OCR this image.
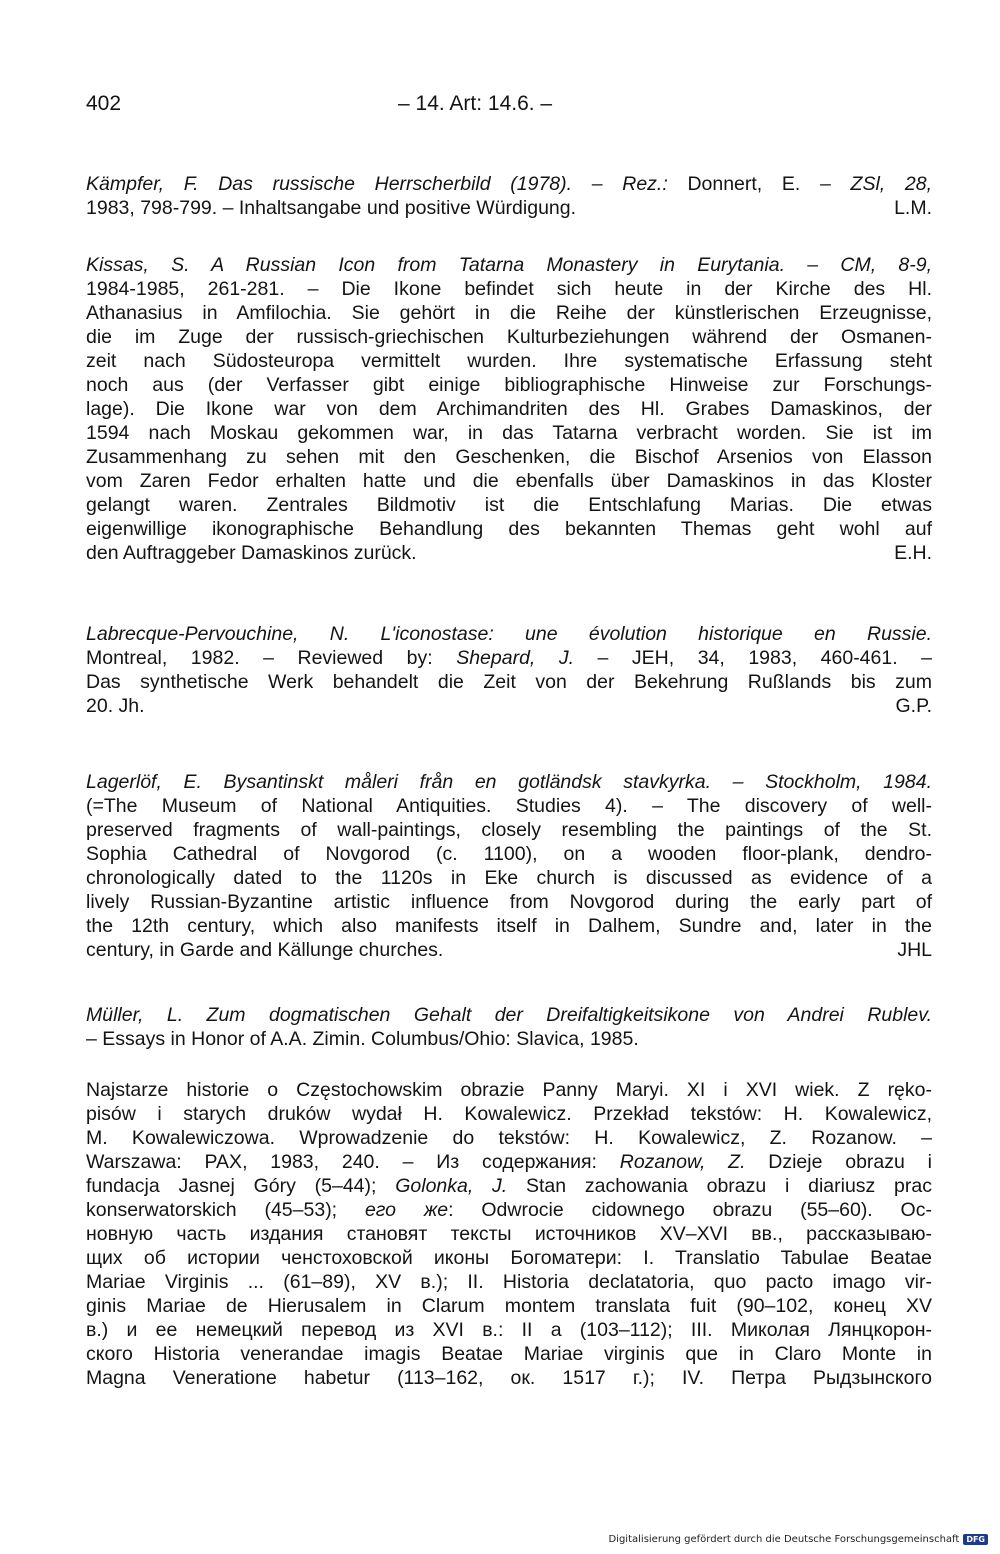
402	– 14. Art: 14.6. –
Kämpfer, F. Das russische Herrscherbild (1978). – Rez.: Donnert, E. – ZSl, 28,
1983, 798-799. – Inhaltsangabe und positive Würdigung.	L.M.
Kissas, S. A Russian Icon from Tatarna Monastery in Eurytania. – CM, 8-9,
1984-1985, 261-281. – Die Ikone befindet sich heute in der Kirche des Hl.
Athanasius in Amfilochia. Sie gehört in die Reihe der künstlerischen Erzeugnisse,
die im Zuge der russisch-griechischen Kulturbeziehungen während der Osmanen-
zeit nach Südosteuropa vermittelt wurden. Ihre systematische Erfassung steht
noch aus (der Verfasser gibt einige bibliographische Hinweise zur Forschungs-
lage). Die Ikone war von dem Archimandriten des Hl. Grabes Damaskinos, der
1594 nach Moskau gekommen war, in das Tatarna verbracht worden. Sie ist im
Zusammenhang zu sehen mit den Geschenken, die Bischof Arsenios von Elasson
vom Zaren Fedor erhalten hatte und die ebenfalls über Damaskinos in das Kloster
gelangt waren. Zentrales Bildmotiv ist die Entschlafung Marias. Die etwas
eigenwillige ikonographische Behandlung des bekannten Themas geht wohl auf
den Auftraggeber Damaskinos zurück.	E.H.
Labrecque-Pervouchine, N. L'iconostase: une évolution historique en Russie.
Montreal, 1982. – Reviewed by: Shepard, J. – JEH, 34, 1983, 460-461. –
Das synthetische Werk behandelt die Zeit von der Bekehrung Rußlands bis zum
20. Jh.	G.P.
Lagerlöf, E. Bysantinskt måleri från en gotländsk stavkyrka. – Stockholm, 1984.
(=The Museum of National Antiquities. Studies 4). – The discovery of well-
preserved fragments of wall-paintings, closely resembling the paintings of the St.
Sophia Cathedral of Novgorod (c. 1100), on a wooden floor-plank, dendro-
chronologically dated to the 1120s in Eke church is discussed as evidence of a
lively Russian-Byzantine artistic influence from Novgorod during the early part of
the 12th century, which also manifests itself in Dalhem, Sundre and, later in the
century, in Garde and Källunge churches.	JHL
Müller, L. Zum dogmatischen Gehalt der Dreifaltigkeitsikone von Andrei Rublev.
– Essays in Honor of A.A. Zimin. Columbus/Ohio: Slavica, 1985.
Najstarze historie o Częstochowskim obrazie Panny Maryi. XI i XVI wiek. Z ręko-
pisów i starych druków wydał H. Kowalewicz. Przekład tekstów: H. Kowalewicz,
M. Kowalewiczowa. Wprowadzenie do tekstów: H. Kowalewicz, Z. Rozanow. –
Warszawa: PAX, 1983, 240. – Из содержания: Rozanow, Z. Dzieje obrazu i
fundacja Jasnej Góry (5–44); Golonka, J. Stan zachowania obrazu i diariusz prac
konserwatorskich (45–53); его же: Odwrocie cidownego obrazu (55–60). Ос-
новную часть издания становят тексты источников XV–XVI вв., рассказываю-
щих об истории ченстоховской иконы Богоматери: I. Translatio Tabulae Beatae
Mariae Virginis ... (61–89), XV в.); II. Historia declatatoria, quo pacto imago vir-
ginis Mariae de Hierusalem in Clarum montem translata fuit (90–102, конец XV
в.) и ее немецкий перевод из XVI в.: II a (103–112); III. Миколая Лянцкорон-
ского Historia venerandae imagis Beatae Mariae virginis que in Claro Monte in
Magna Veneratione habetur (113–162, ок. 1517 г.); IV. Петра Рыдзынского
Digitalisierung gefördert durch die Deutsche Forschungsgemeinschaft DFG
